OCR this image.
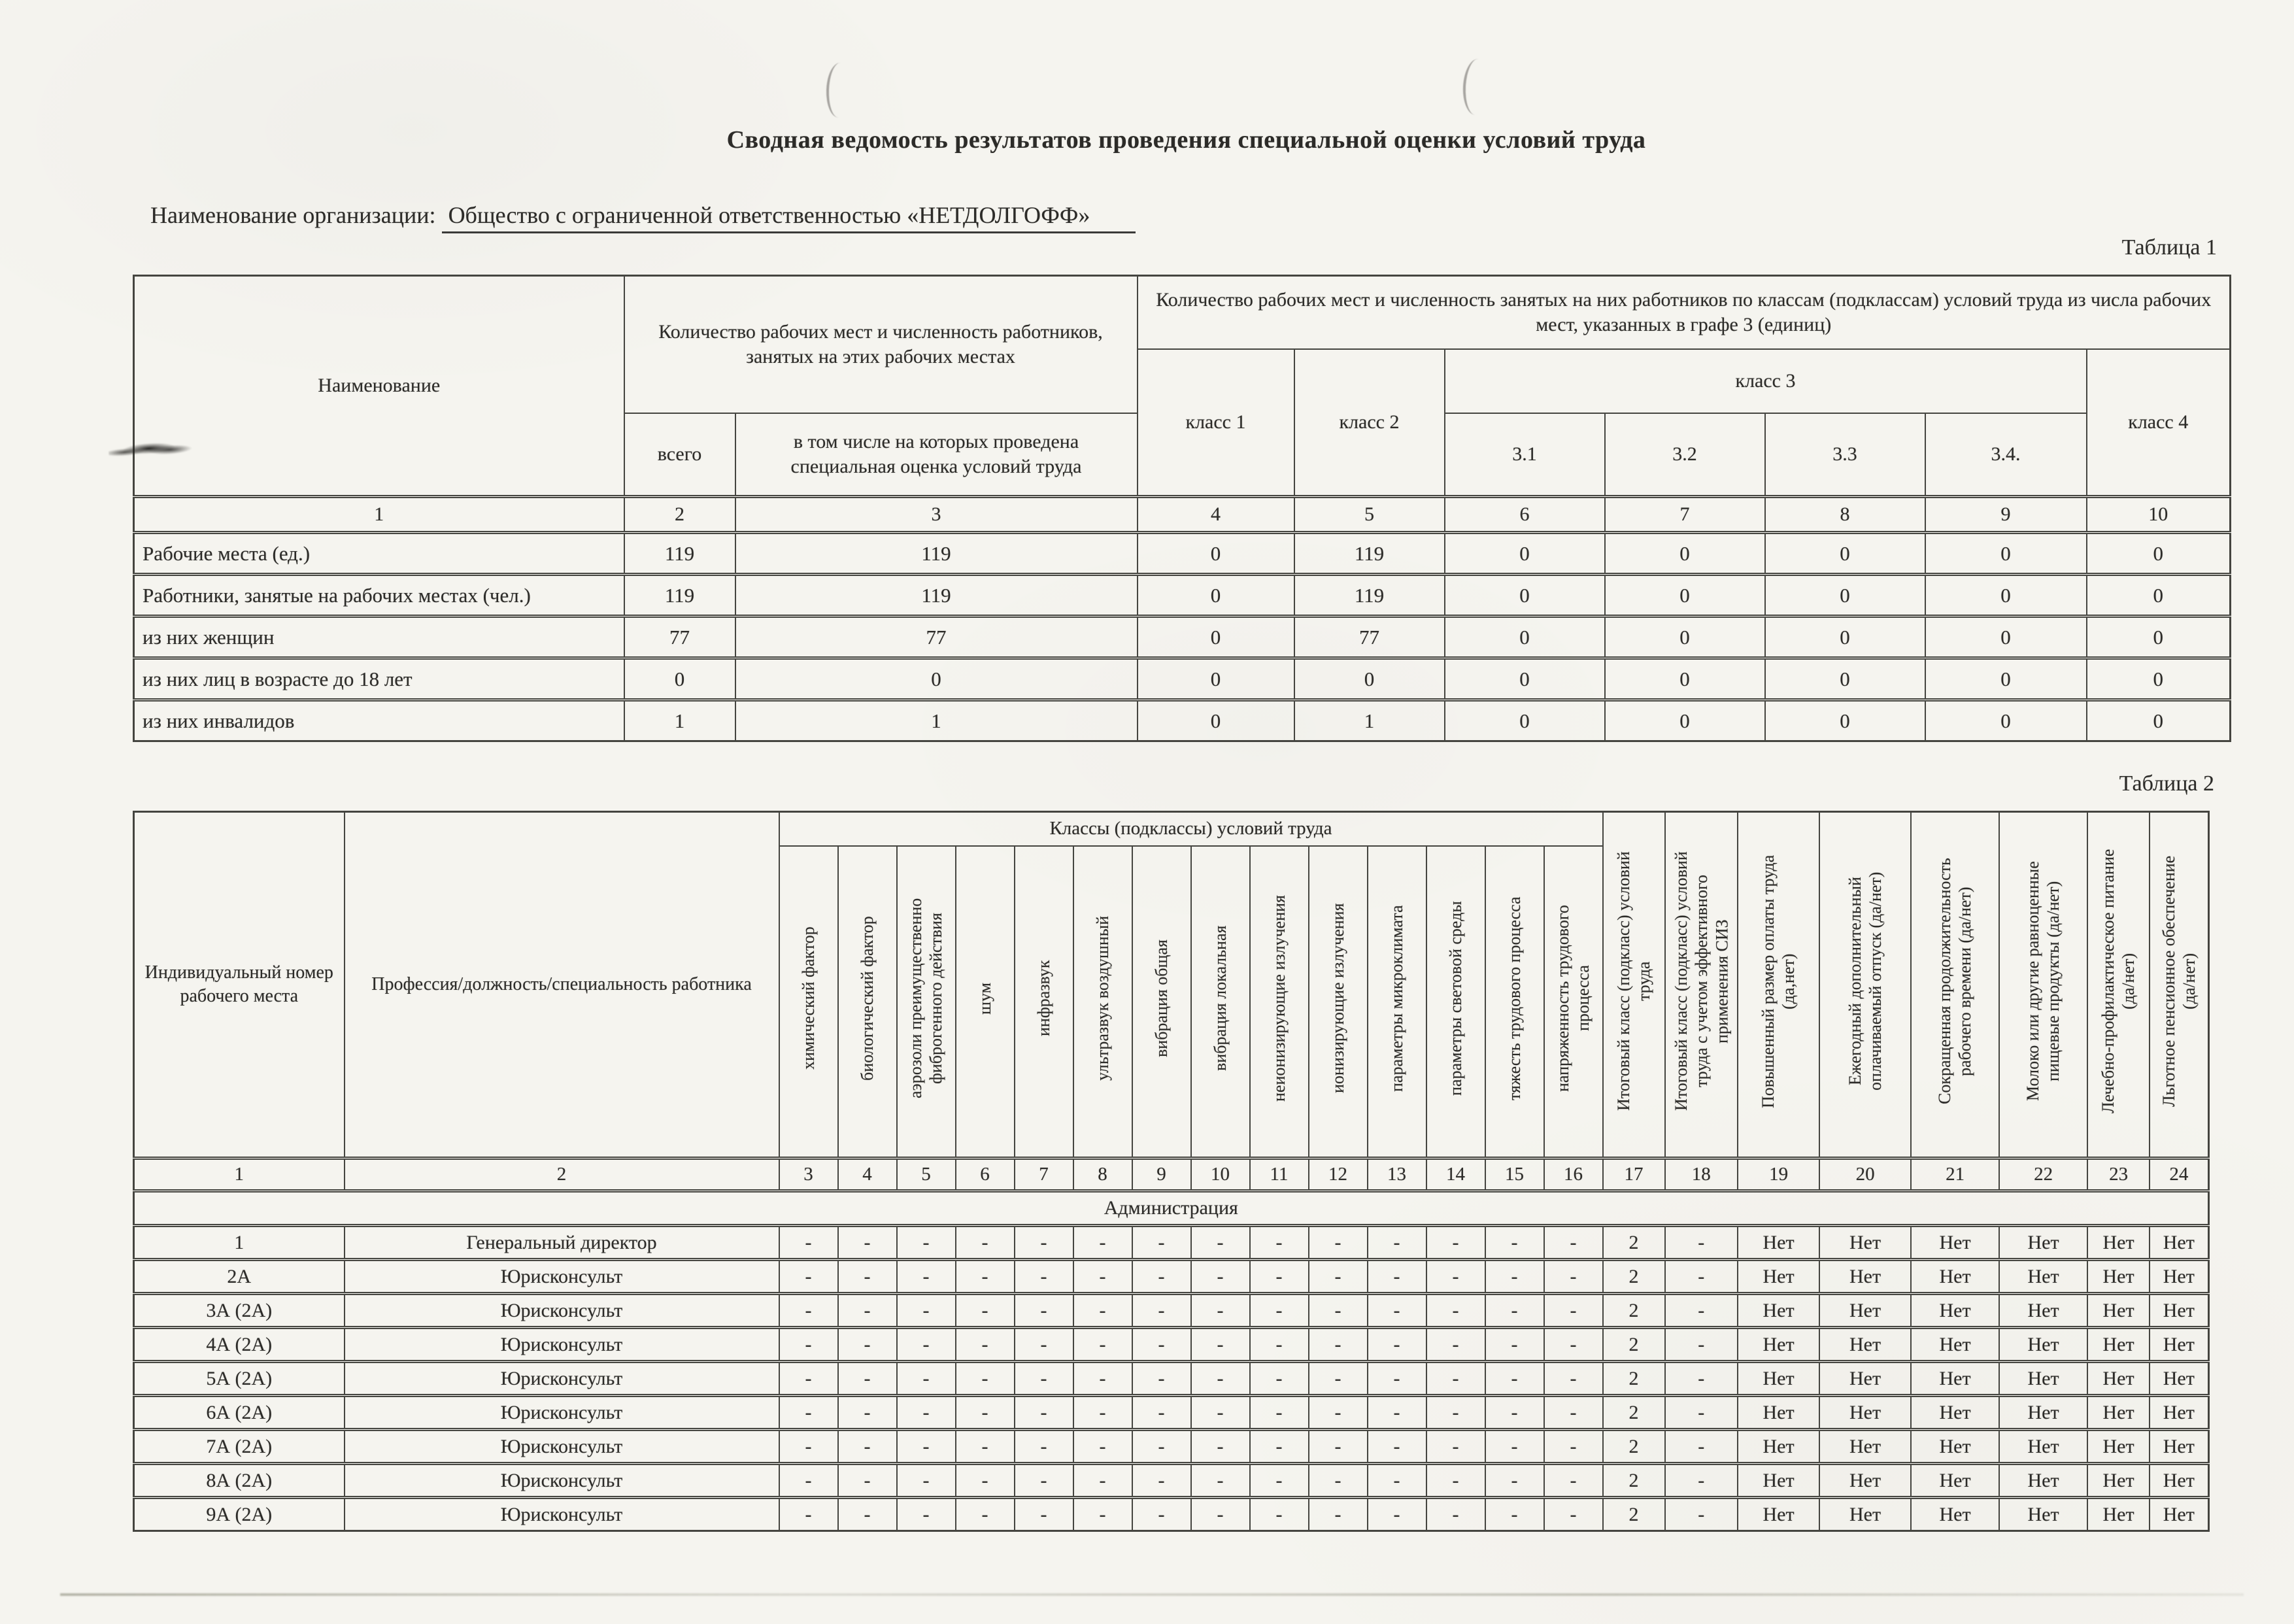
Сводная ведомость результатов проведения специальной оценки условий труда
Наименование организации: Общество с ограниченной ответственностью «НЕТДОЛГОФФ»
Таблица 1
Наименование	Количество рабочих мест и численность работников, занятых на этих рабочих местах		Количество рабочих мест и численность занятых на них работников по классам (подклассам) условий труда из числа рабочих мест, указанных в графе 3 (единиц)						
			класс 1	класс 2	класс 3				класс 4
	всего	в том числе на которых проведена специальная оценка условий труда			3.1	3.2	3.3	3.4.	
1	2	3	4	5	6	7	8	9	10
Рабочие места (ед.)	119	119	0	119	0	0	0	0	0
Работники, занятые на рабочих местах (чел.)	119	119	0	119	0	0	0	0	0
из них женщин	77	77	0	77	0	0	0	0	0
из них лиц в возрасте до 18 лет	0	0	0	0	0	0	0	0	0
из них инвалидов	1	1	0	1	0	0	0	0	0
Таблица 2
Индивидуальный номер рабочего места	Профессия/должность/специальность работника	Классы (подклассы) условий труда														Итоговый класс (подкласс) условий труда	Итоговый класс (подкласс) условий труда с учетом эффективного применения СИЗ	Повышенный размер оплаты труда (да,нет)	Ежегодный дополнительный оплачиваемый отпуск (да/нет)	Сокращенная продолжительность рабочего времени (да/нет)	Молоко или другие равноценные пищевые продукты (да/нет)	Лечебно-профилактическое питание (да/нет)	Льготное пенсионное обеспечение (да/нет)
		химический фактор	биологический фактор	аэрозоли преимущественно фиброгенного действия	шум	инфразвук	ультразвук воздушный	вибрация общая	вибрация локальная	неионизирующие излучения	ионизирующие излучения	параметры микроклимата	параметры световой среды	тяжесть трудового процесса	напряженность трудового процесса								
1	2	3	4	5	6	7	8	9	10	11	12	13	14	15	16	17	18	19	20	21	22	23	24
Администрация																							
1	Генеральный директор	-	-	-	-	-	-	-	-	-	-	-	-	-	-	2	-	Нет	Нет	Нет	Нет	Нет	Нет
2А	Юрисконсульт	-	-	-	-	-	-	-	-	-	-	-	-	-	-	2	-	Нет	Нет	Нет	Нет	Нет	Нет
3А (2А)	Юрисконсульт	-	-	-	-	-	-	-	-	-	-	-	-	-	-	2	-	Нет	Нет	Нет	Нет	Нет	Нет
4А (2А)	Юрисконсульт	-	-	-	-	-	-	-	-	-	-	-	-	-	-	2	-	Нет	Нет	Нет	Нет	Нет	Нет
5А (2А)	Юрисконсульт	-	-	-	-	-	-	-	-	-	-	-	-	-	-	2	-	Нет	Нет	Нет	Нет	Нет	Нет
6А (2А)	Юрисконсульт	-	-	-	-	-	-	-	-	-	-	-	-	-	-	2	-	Нет	Нет	Нет	Нет	Нет	Нет
7А (2А)	Юрисконсульт	-	-	-	-	-	-	-	-	-	-	-	-	-	-	2	-	Нет	Нет	Нет	Нет	Нет	Нет
8А (2А)	Юрисконсульт	-	-	-	-	-	-	-	-	-	-	-	-	-	-	2	-	Нет	Нет	Нет	Нет	Нет	Нет
9А (2А)	Юрисконсульт	-	-	-	-	-	-	-	-	-	-	-	-	-	-	2	-	Нет	Нет	Нет	Нет	Нет	Нет
